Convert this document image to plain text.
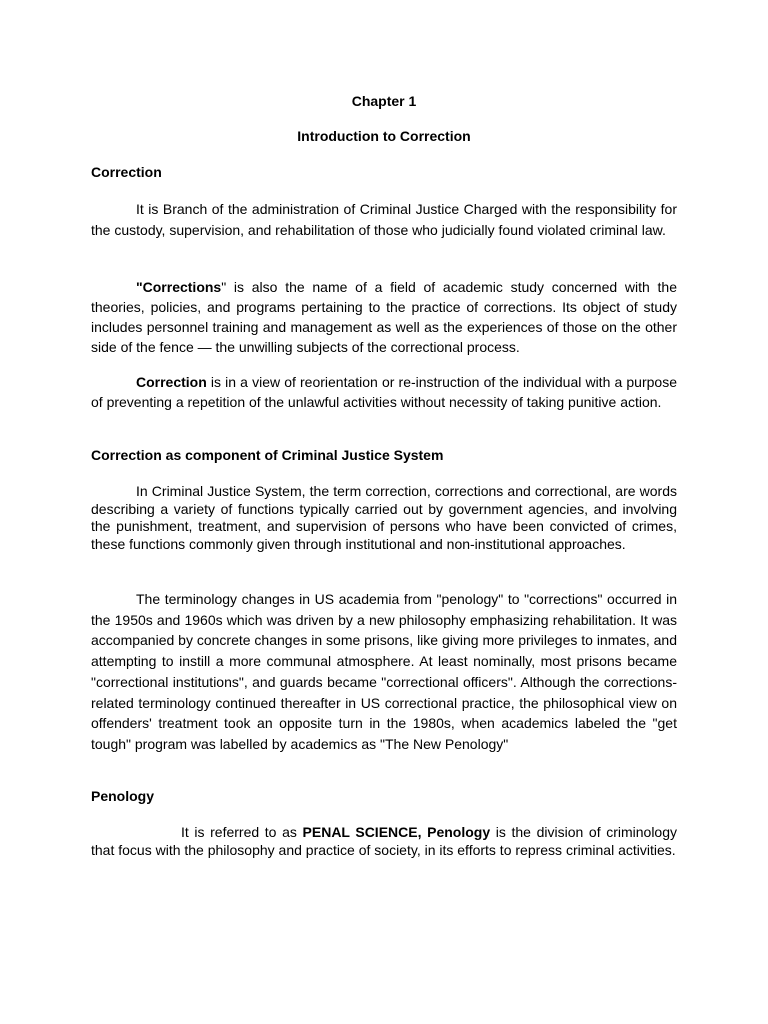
Chapter 1
Introduction to Correction
Correction

It is Branch of the administration of Criminal Justice Charged with the responsibility for the custody, supervision, and rehabilitation of those who judicially found violated criminal law.

"Corrections" is also the name of a field of academic study concerned with the theories, policies, and programs pertaining to the practice of corrections. Its object of study includes personnel training and management as well as the experiences of those on the other side of the fence — the unwilling subjects of the correctional process.

Correction is in a view of reorientation or re-instruction of the individual with a purpose of preventing a repetition of the unlawful activities without necessity of taking punitive action.

Correction as component of Criminal Justice System

In Criminal Justice System, the term correction, corrections and correctional, are words describing a variety of functions typically carried out by government agencies, and involving the punishment, treatment, and supervision of persons who have been convicted of crimes, these functions commonly given through institutional and non-institutional approaches.

The terminology changes in US academia from "penology" to "corrections" occurred in the 1950s and 1960s which was driven by a new philosophy emphasizing rehabilitation. It was accompanied by concrete changes in some prisons, like giving more privileges to inmates, and attempting to instill a more communal atmosphere. At least nominally, most prisons became "correctional institutions", and guards became "correctional officers". Although the corrections-related terminology continued thereafter in US correctional practice, the philosophical view on offenders' treatment took an opposite turn in the 1980s, when academics labeled the "get tough" program was labelled by academics as "The New Penology"

Penology

It is referred to as PENAL SCIENCE, Penology is the division of criminology that focus with the philosophy and practice of society, in its efforts to repress criminal activities.
